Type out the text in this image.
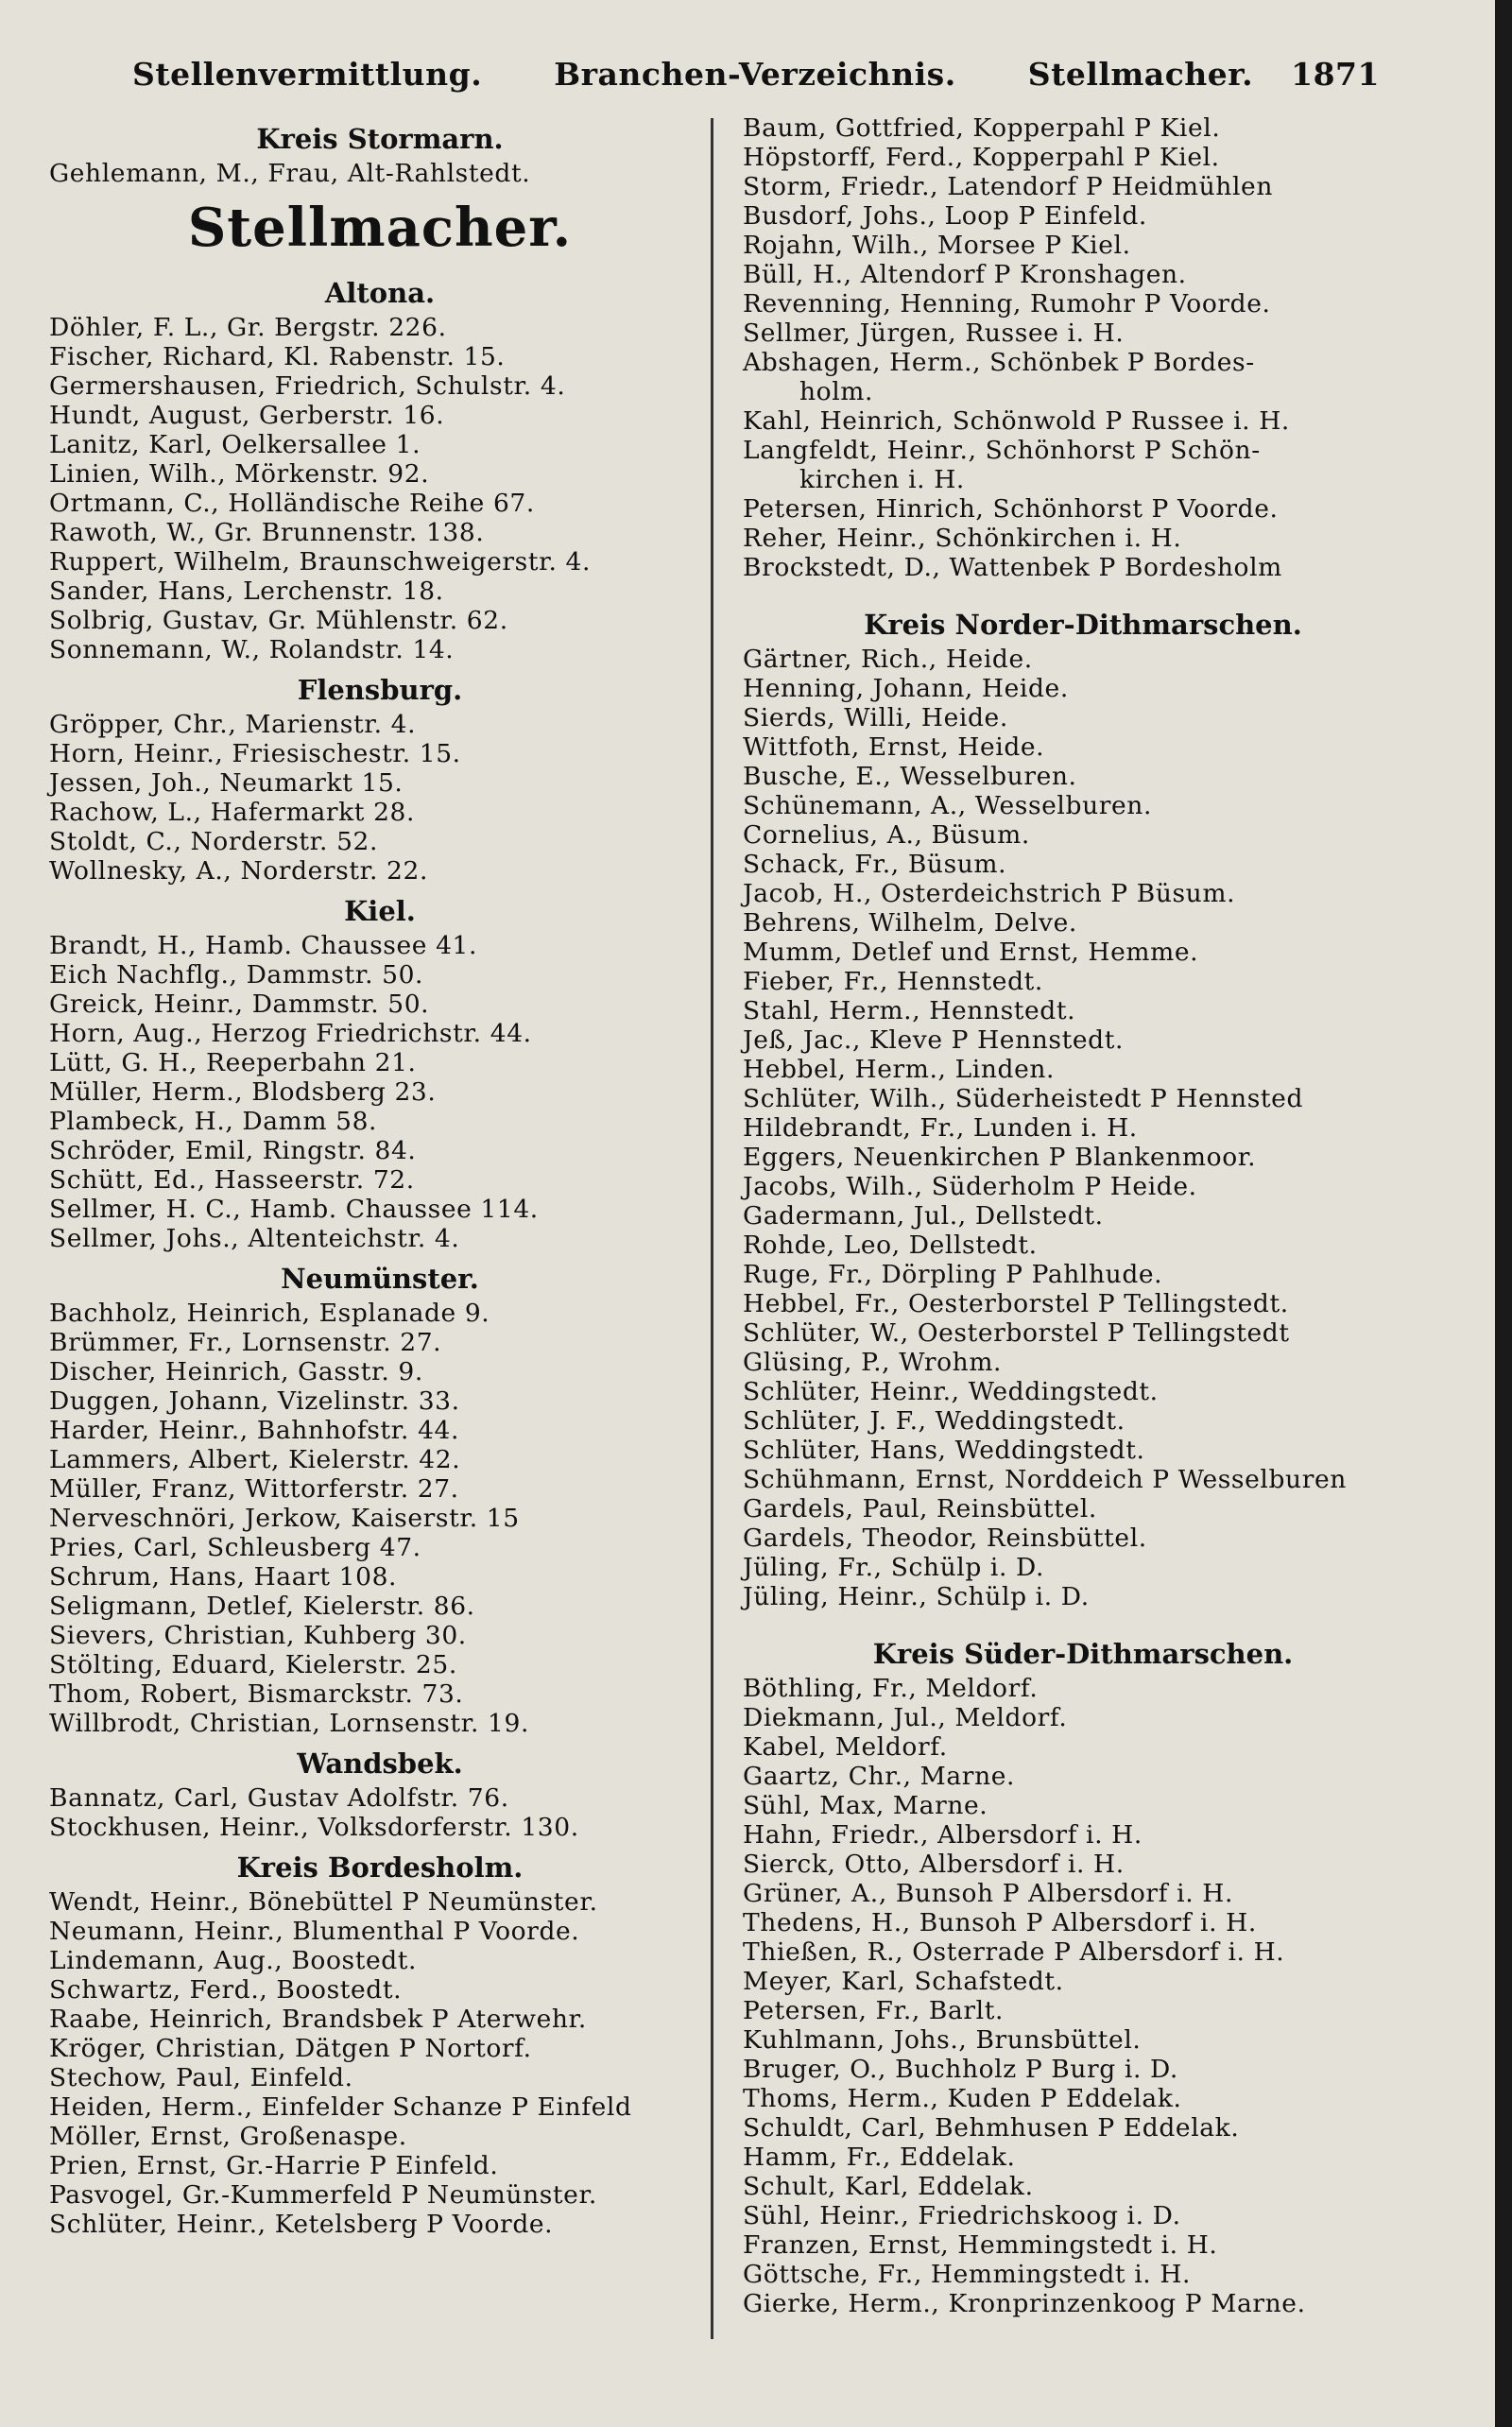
Stellenvermittlung. Branchen-Verzeichnis. Stellmacher. 1871
Kreis Stormarn.
Gehlemann, M., Frau, Alt-Rahlstedt.
Stellmacher.
Altona.
Döhler, F. L., Gr. Bergstr. 226.
Fischer, Richard, Kl. Rabenstr. 15.
Germershausen, Friedrich, Schulstr. 4.
Hundt, August, Gerberstr. 16.
Lanitz, Karl, Oelkersallee 1.
Linien, Wilh., Mörkenstr. 92.
Ortmann, C., Holländische Reihe 67.
Rawoth, W., Gr. Brunnenstr. 138.
Ruppert, Wilhelm, Braunschweigerstr. 4.
Sander, Hans, Lerchenstr. 18.
Solbrig, Gustav, Gr. Mühlenstr. 62.
Sonnemann, W., Rolandstr. 14.
Flensburg.
Gröpper, Chr., Marienstr. 4.
Horn, Heinr., Friesischestr. 15.
Jessen, Joh., Neumarkt 15.
Rachow, L., Hafermarkt 28.
Stoldt, C., Norderstr. 52.
Wollnesky, A., Norderstr. 22.
Kiel.
Brandt, H., Hamb. Chaussee 41.
Eich Nachflg., Dammstr. 50.
Greick, Heinr., Dammstr. 50.
Horn, Aug., Herzog Friedrichstr. 44.
Lütt, G. H., Reeperbahn 21.
Müller, Herm., Blodsberg 23.
Plambeck, H., Damm 58.
Schröder, Emil, Ringstr. 84.
Schütt, Ed., Hasseerstr. 72.
Sellmer, H. C., Hamb. Chaussee 114.
Sellmer, Johs., Altenteichstr. 4.
Neumünster.
Bachholz, Heinrich, Esplanade 9.
Brümmer, Fr., Lornsenstr. 27.
Discher, Heinrich, Gasstr. 9.
Duggen, Johann, Vizelinstr. 33.
Harder, Heinr., Bahnhofstr. 44.
Lammers, Albert, Kielerstr. 42.
Müller, Franz, Wittorferstr. 27.
Nerveschnöri, Jerkow, Kaiserstr. 15
Pries, Carl, Schleusberg 47.
Schrum, Hans, Haart 108.
Seligmann, Detlef, Kielerstr. 86.
Sievers, Christian, Kuhberg 30.
Stölting, Eduard, Kielerstr. 25.
Thom, Robert, Bismarckstr. 73.
Willbrodt, Christian, Lornsenstr. 19.
Wandsbek.
Bannatz, Carl, Gustav Adolfstr. 76.
Stockhusen, Heinr., Volksdorferstr. 130.
Kreis Bordesholm.
Wendt, Heinr., Bönebüttel P Neumünster.
Neumann, Heinr., Blumenthal P Voorde.
Lindemann, Aug., Boostedt.
Schwartz, Ferd., Boostedt.
Raabe, Heinrich, Brandsbek P Aterwehr.
Kröger, Christian, Dätgen P Nortorf.
Stechow, Paul, Einfeld.
Heiden, Herm., Einfelder Schanze P Einfeld
Möller, Ernst, Großenaspe.
Prien, Ernst, Gr.-Harrie P Einfeld.
Pasvogel, Gr.-Kummerfeld P Neumünster.
Schlüter, Heinr., Ketelsberg P Voorde.
Baum, Gottfried, Kopperpahl P Kiel.
Höpstorff, Ferd., Kopperpahl P Kiel.
Storm, Friedr., Latendorf P Heidmühlen
Busdorf, Johs., Loop P Einfeld.
Rojahn, Wilh., Morsee P Kiel.
Büll, H., Altendorf P Kronshagen.
Revenning, Henning, Rumohr P Voorde.
Sellmer, Jürgen, Russee i. H.
Abshagen, Herm., Schönbek P Bordes-
holm.
Kahl, Heinrich, Schönwold P Russee i. H.
Langfeldt, Heinr., Schönhorst P Schön-
kirchen i. H.
Petersen, Hinrich, Schönhorst P Voorde.
Reher, Heinr., Schönkirchen i. H.
Brockstedt, D., Wattenbek P Bordesholm
Kreis Norder-Dithmarschen.
Gärtner, Rich., Heide.
Henning, Johann, Heide.
Sierds, Willi, Heide.
Wittfoth, Ernst, Heide.
Busche, E., Wesselburen.
Schünemann, A., Wesselburen.
Cornelius, A., Büsum.
Schack, Fr., Büsum.
Jacob, H., Osterdeichstrich P Büsum.
Behrens, Wilhelm, Delve.
Mumm, Detlef und Ernst, Hemme.
Fieber, Fr., Hennstedt.
Stahl, Herm., Hennstedt.
Jeß, Jac., Kleve P Hennstedt.
Hebbel, Herm., Linden.
Schlüter, Wilh., Süderheistedt P Hennsted
Hildebrandt, Fr., Lunden i. H.
Eggers, Neuenkirchen P Blankenmoor.
Jacobs, Wilh., Süderholm P Heide.
Gadermann, Jul., Dellstedt.
Rohde, Leo, Dellstedt.
Ruge, Fr., Dörpling P Pahlhude.
Hebbel, Fr., Oesterborstel P Tellingstedt.
Schlüter, W., Oesterborstel P Tellingstedt
Glüsing, P., Wrohm.
Schlüter, Heinr., Weddingstedt.
Schlüter, J. F., Weddingstedt.
Schlüter, Hans, Weddingstedt.
Schühmann, Ernst, Norddeich P Wesselburen
Gardels, Paul, Reinsbüttel.
Gardels, Theodor, Reinsbüttel.
Jüling, Fr., Schülp i. D.
Jüling, Heinr., Schülp i. D.
Kreis Süder-Dithmarschen.
Böthling, Fr., Meldorf.
Diekmann, Jul., Meldorf.
Kabel, Meldorf.
Gaartz, Chr., Marne.
Sühl, Max, Marne.
Hahn, Friedr., Albersdorf i. H.
Sierck, Otto, Albersdorf i. H.
Grüner, A., Bunsoh P Albersdorf i. H.
Thedens, H., Bunsoh P Albersdorf i. H.
Thießen, R., Osterrade P Albersdorf i. H.
Meyer, Karl, Schafstedt.
Petersen, Fr., Barlt.
Kuhlmann, Johs., Brunsbüttel.
Bruger, O., Buchholz P Burg i. D.
Thoms, Herm., Kuden P Eddelak.
Schuldt, Carl, Behmhusen P Eddelak.
Hamm, Fr., Eddelak.
Schult, Karl, Eddelak.
Sühl, Heinr., Friedrichskoog i. D.
Franzen, Ernst, Hemmingstedt i. H.
Göttsche, Fr., Hemmingstedt i. H.
Gierke, Herm., Kronprinzenkoog P Marne.
